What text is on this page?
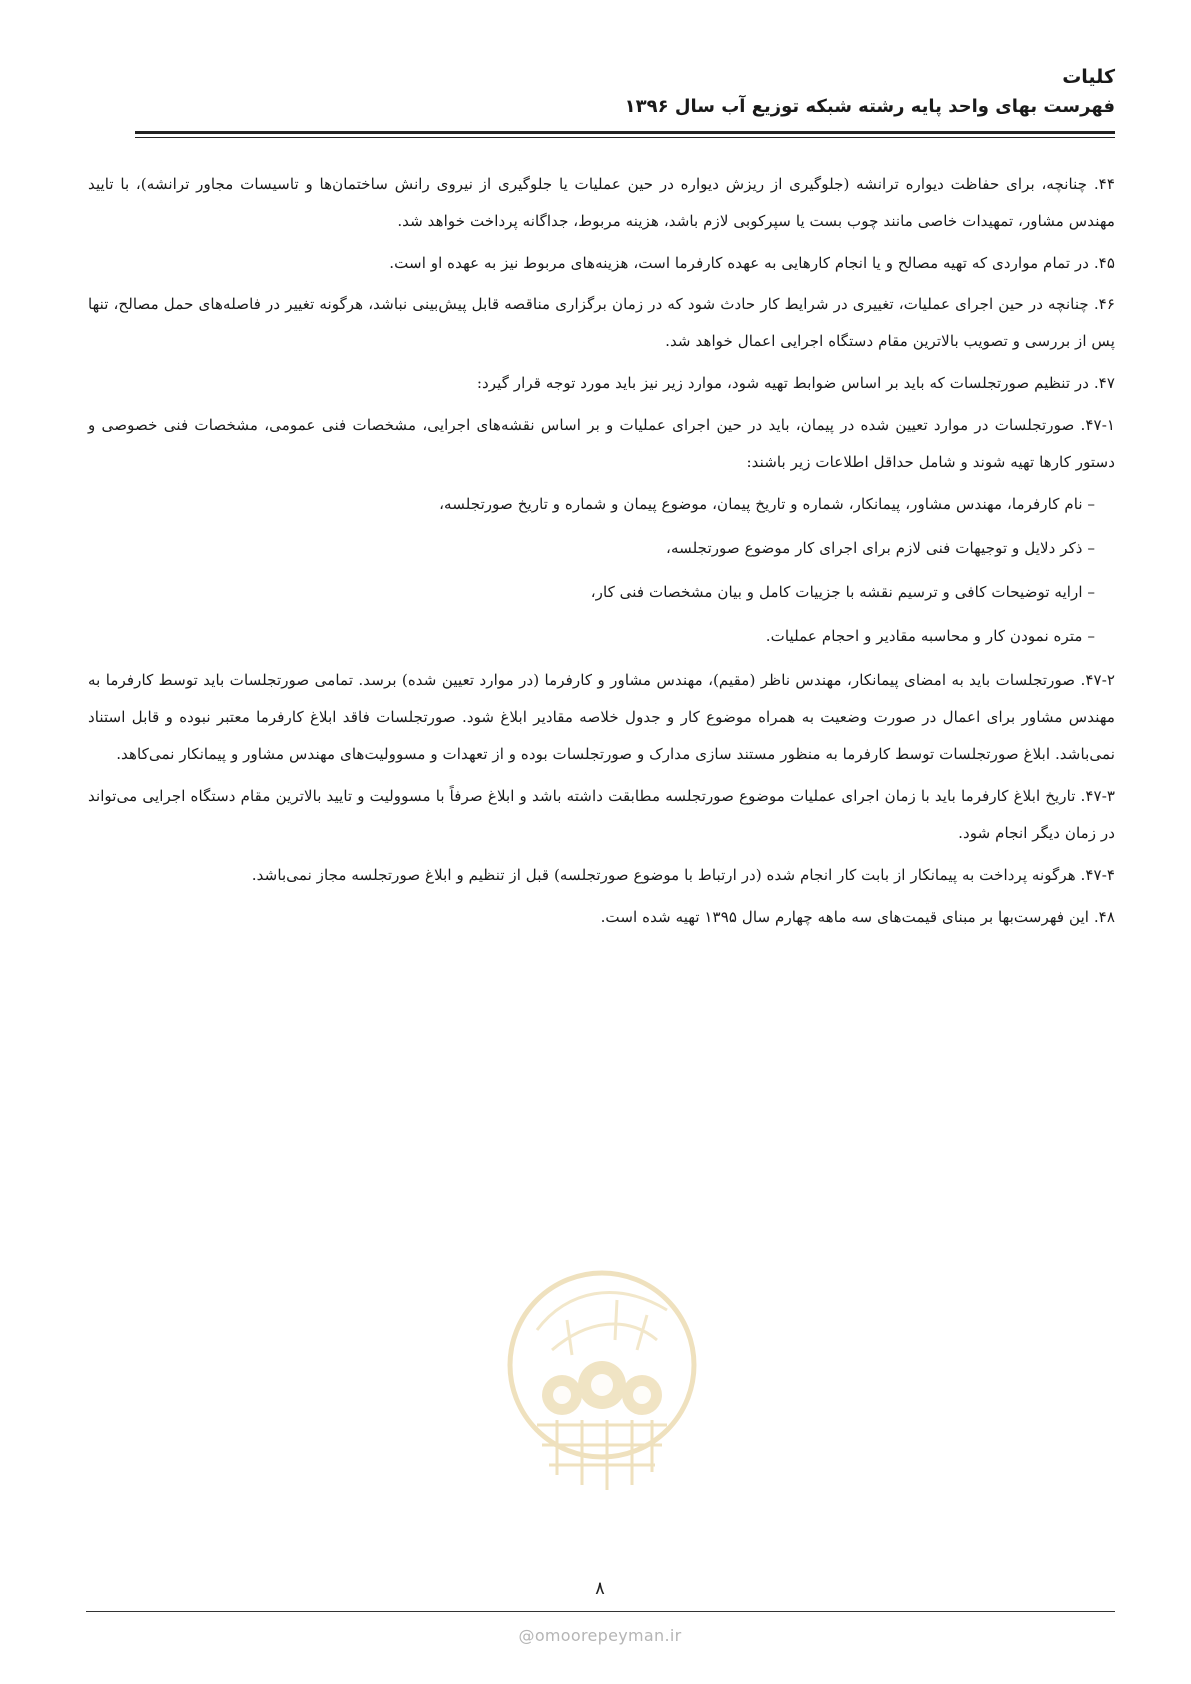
کلیات
فهرست بهای واحد پایه رشته شبکه توزیع آب سال ۱۳۹۶

۴۴. چنانچه، برای حفاظت دیواره ترانشه (جلوگیری از ریزش دیواره در حین عملیات یا جلوگیری از نیروی رانش ساختمان‌ها و تاسیسات مجاور ترانشه)، با تایید مهندس مشاور، تمهیدات خاصی مانند چوب بست یا سپرکوبی لازم باشد، هزینه مربوط، جداگانه پرداخت خواهد شد.

۴۵. در تمام مواردی که تهیه مصالح و یا انجام کارهایی به عهده کارفرما است، هزینه‌های مربوط نیز به عهده او است.

۴۶. چنانچه در حین اجرای عملیات، تغییری در شرایط کار حادث شود که در زمان برگزاری مناقصه قابل پیش‌بینی نباشد، هرگونه تغییر در فاصله‌های حمل مصالح، تنها پس از بررسی و تصویب بالاترین مقام دستگاه اجرایی اعمال خواهد شد.

۴۷. در تنظیم صورتجلسات که باید بر اساس ضوابط تهیه شود، موارد زیر نیز باید مورد توجه قرار گیرد:

۴۷-۱. صورتجلسات در موارد تعیین شده در پیمان، باید در حین اجرای عملیات و بر اساس نقشه‌های اجرایی، مشخصات فنی عمومی، مشخصات فنی خصوصی و دستور کارها تهیه شوند و شامل حداقل اطلاعات زیر باشند:

– نام کارفرما، مهندس مشاور، پیمانکار، شماره و تاریخ پیمان، موضوع پیمان و شماره و تاریخ صورتجلسه،

– ذکر دلایل و توجیهات فنی لازم برای اجرای کار موضوع صورتجلسه،

– ارایه توضیحات کافی و ترسیم نقشه با جزییات کامل و بیان مشخصات فنی کار،

– متره نمودن کار و محاسبه مقادیر و احجام عملیات.

۴۷-۲. صورتجلسات باید به امضای پیمانکار، مهندس ناظر (مقیم)، مهندس مشاور و کارفرما (در موارد تعیین شده) برسد. تمامی صورتجلسات باید توسط کارفرما به مهندس مشاور برای اعمال در صورت وضعیت به همراه موضوع کار و جدول خلاصه مقادیر ابلاغ شود. صورتجلسات فاقد ابلاغ کارفرما معتبر نبوده و قابل استناد نمی‌باشد. ابلاغ صورتجلسات توسط کارفرما به منظور مستند سازی مدارک و صورتجلسات بوده و از تعهدات و مسوولیت‌های مهندس مشاور و پیمانکار نمی‌کاهد.

۴۷-۳. تاریخ ابلاغ کارفرما باید با زمان اجرای عملیات موضوع صورتجلسه مطابقت داشته باشد و ابلاغ صرفاً با مسوولیت و تایید بالاترین مقام دستگاه اجرایی می‌تواند در زمان دیگر انجام شود.

۴۷-۴. هرگونه پرداخت به پیمانکار از بابت کار انجام شده (در ارتباط با موضوع صورتجلسه) قبل از تنظیم و ابلاغ صورتجلسه مجاز نمی‌باشد.

۴۸. این فهرست‌بها بر مبنای قیمت‌های سه ماهه چهارم سال ۱۳۹۵ تهیه شده است.

۸
@omoorepeyman.ir
